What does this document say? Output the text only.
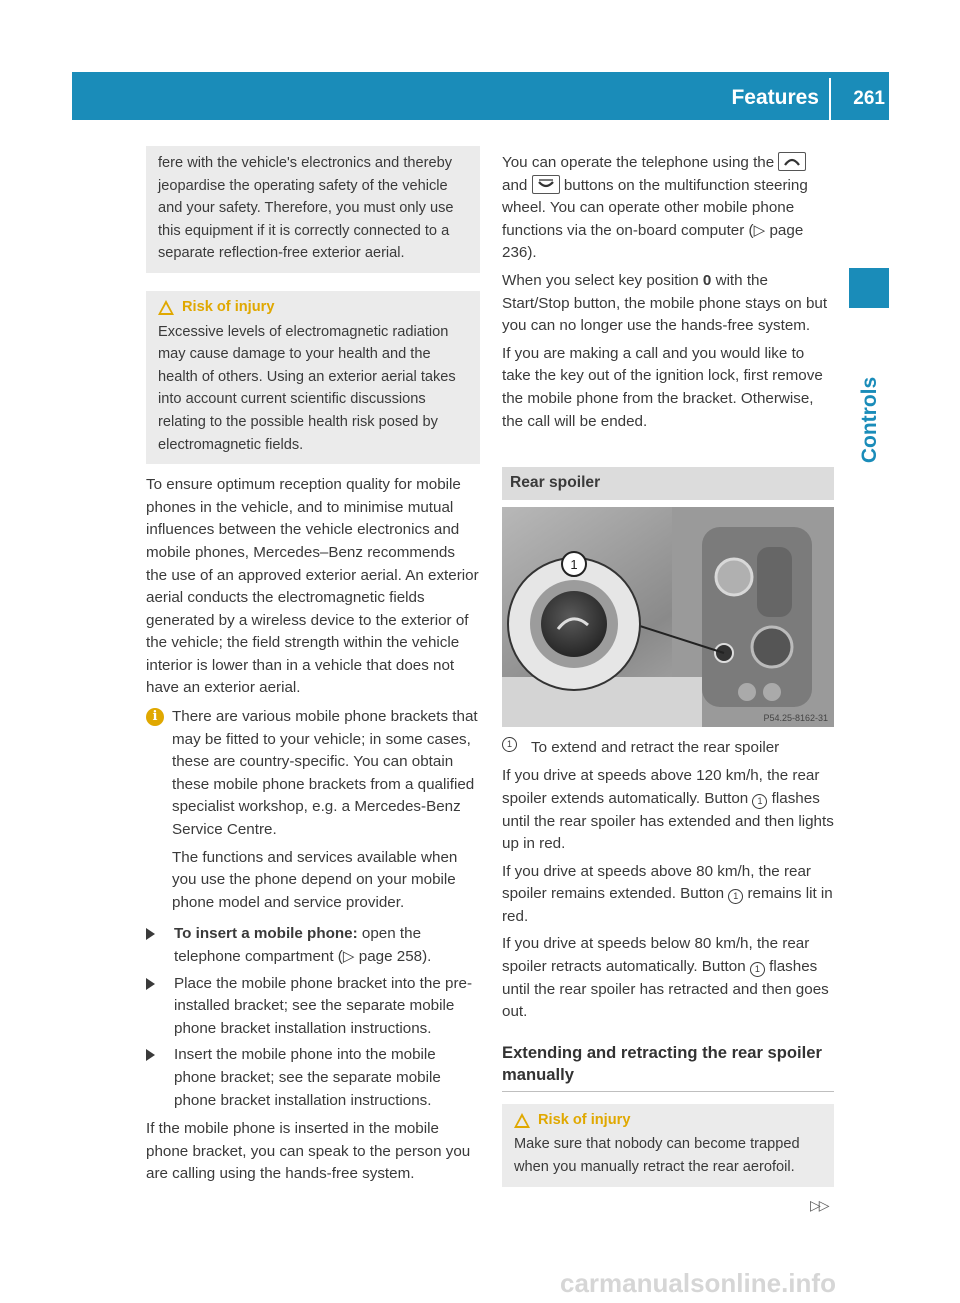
Features 261
Controls
fere with the vehicle's electronics and thereby jeopardise the operating safety of the vehicle and your safety. Therefore, you must only use this equipment if it is correctly connected to a separate reflection-free exterior aerial.
Risk of injury
Excessive levels of electromagnetic radiation may cause damage to your health and the health of others. Using an exterior aerial takes into account current scientific discussions relating to the possible health risk posed by electromagnetic fields.

To ensure optimum reception quality for mobile phones in the vehicle, and to minimise mutual influences between the vehicle electronics and mobile phones, Mercedes–Benz recommends the use of an approved exterior aerial. An exterior aerial conducts the electromagnetic fields generated by a wireless device to the exterior of the vehicle; the field strength within the vehicle interior is lower than in a vehicle that does not have an exterior aerial.

i There are various mobile phone brackets that may be fitted to your vehicle; in some cases, these are country-specific. You can obtain these mobile phone brackets from a qualified specialist workshop, e.g. a Mercedes-Benz Service Centre.

The functions and services available when you use the phone depend on your mobile phone model and service provider.

To insert a mobile phone: open the telephone compartment (▷ page 258).
Place the mobile phone bracket into the pre-installed bracket; see the separate mobile phone bracket installation instructions.
Insert the mobile phone into the mobile phone bracket; see the separate mobile phone bracket installation instructions.

If the mobile phone is inserted in the mobile phone bracket, you can speak to the person you are calling using the hands-free system.

You can operate the telephone using the  and buttons on the multifunction steering wheel. You can operate other mobile phone functions via the on-board computer (▷ page 236).

When you select key position 0 with the Start/Stop button, the mobile phone stays on but you can no longer use the hands-free system.

If you are making a call and you would like to take the key out of the ignition lock, first remove the mobile phone from the bracket. Otherwise, the call will be ended.

Rear spoiler
1
P54.25-8162-31
1	To extend and retract the rear spoiler

If you drive at speeds above 120 km/h, the rear spoiler extends automatically. Button 1 flashes until the rear spoiler has extended and then lights up in red.

If you drive at speeds above 80 km/h, the rear spoiler remains extended. Button 1 remains lit in red.

If you drive at speeds below 80 km/h, the rear spoiler retracts automatically. Button 1 flashes until the rear spoiler has retracted and then goes out.

Extending and retracting the rear spoiler manually
Risk of injury
Make sure that nobody can become trapped when you manually retract the rear aerofoil.
▷▷
carmanualsonline.info
